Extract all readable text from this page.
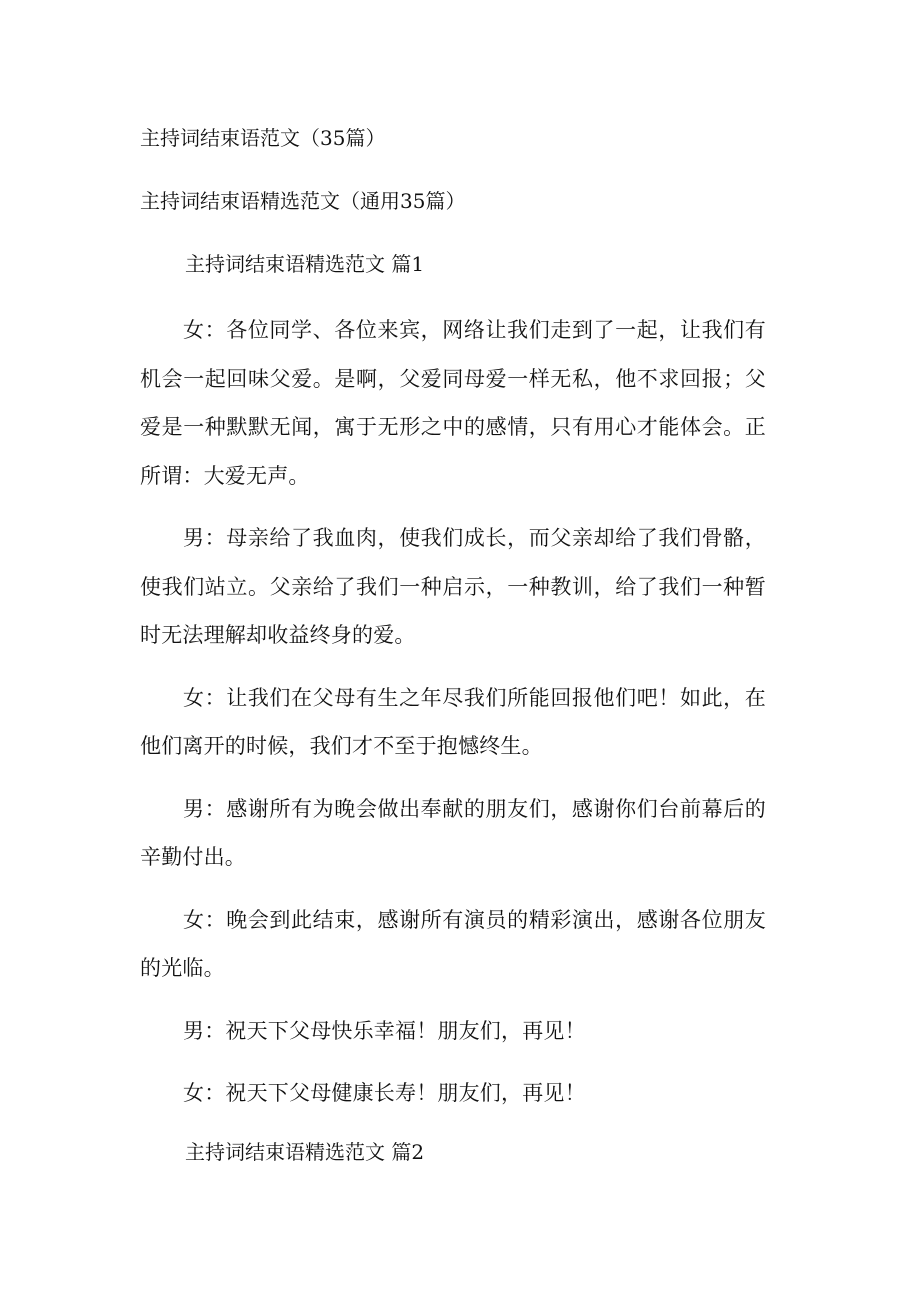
主持词结束语范文（35篇）

主持词结束语精选范文（通用35篇）

主持词结束语精选范文 篇1

女：各位同学、各位来宾，网络让我们走到了一起，让我们有机会一起回味父爱。是啊，父爱同母爱一样无私，他不求回报；父爱是一种默默无闻，寓于无形之中的感情，只有用心才能体会。正所谓：大爱无声。

男：母亲给了我血肉，使我们成长，而父亲却给了我们骨骼，使我们站立。父亲给了我们一种启示，一种教训，给了我们一种暂时无法理解却收益终身的爱。

女：让我们在父母有生之年尽我们所能回报他们吧！如此，在他们离开的时候，我们才不至于抱憾终生。

男：感谢所有为晚会做出奉献的朋友们，感谢你们台前幕后的辛勤付出。

女：晚会到此结束，感谢所有演员的精彩演出，感谢各位朋友的光临。

男：祝天下父母快乐幸福！朋友们，再见！

女：祝天下父母健康长寿！朋友们，再见！

主持词结束语精选范文 篇2
